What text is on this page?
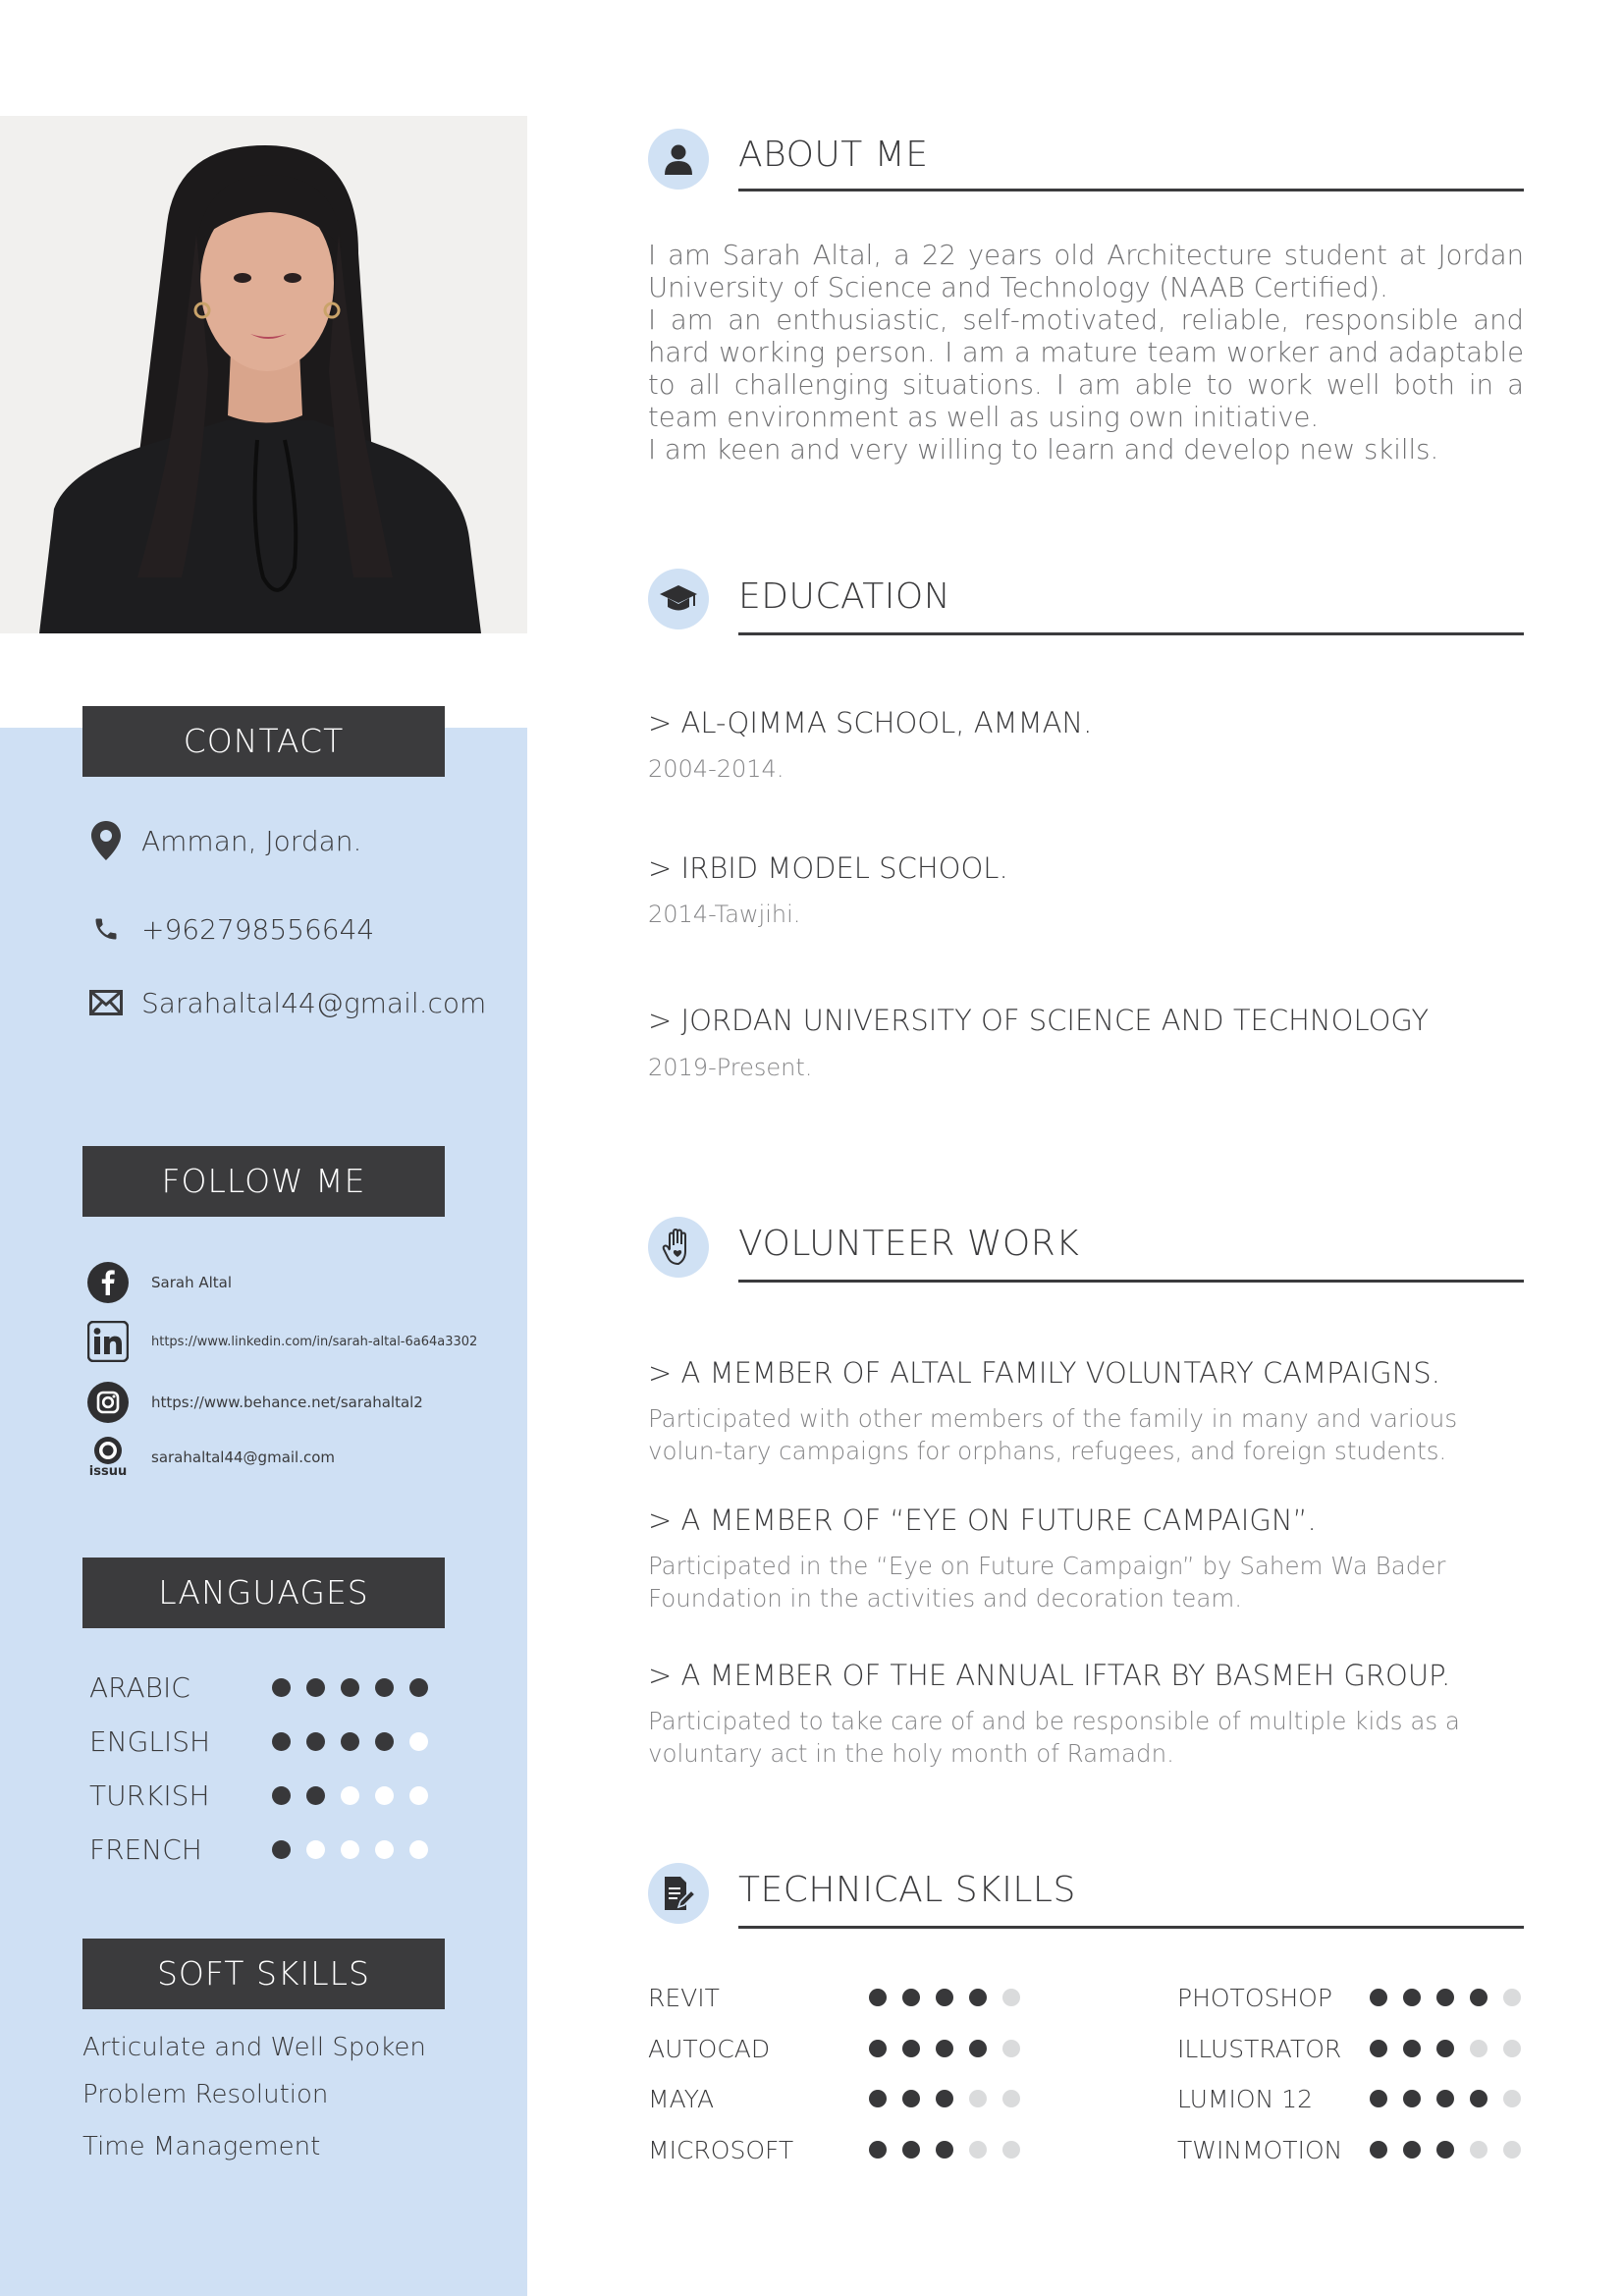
CONTACT
Amman, Jordan.
+962798556644
Sarahaltal44@gmail.com
FOLLOW ME
Sarah Altal
https://www.linkedin.com/in/sarah-altal-6a64a3302
https://www.behance.net/sarahaltal2
issuu
sarahaltal44@gmail.com
LANGUAGES
ARABIC
ENGLISH
TURKISH
FRENCH
SOFT SKILLS
Articulate and Well Spoken
Problem Resolution
Time Management
ABOUT ME
I am Sarah Altal, a 22 years old Architecture student at Jordan University of Science and Technology (NAAB Certified).
I am an enthusiastic, self-motivated, reliable, responsible and hard working person. I am a mature team worker and adaptable to all challenging situations. I am able to work well both in a team environment as well as using own initiative.
I am keen and very willing to learn and develop new skills.
EDUCATION
> AL-QIMMA SCHOOL, AMMAN.
2004-2014.
> IRBID MODEL SCHOOL.
2014-Tawjihi.
> JORDAN UNIVERSITY OF SCIENCE AND TECHNOLOGY
2019-Present.
VOLUNTEER WORK
> A MEMBER OF ALTAL FAMILY VOLUNTARY CAMPAIGNS.
Participated with other members of the family in many and various volun-tary campaigns for orphans, refugees, and foreign students.
> A MEMBER OF “EYE ON FUTURE CAMPAIGN”.
Participated in the “Eye on Future Campaign” by Sahem Wa Bader Foundation in the activities and decoration team.
> A MEMBER OF THE ANNUAL IFTAR BY BASMEH GROUP.
Participated to take care of and be responsible of multiple kids as a voluntary act in the holy month of Ramadn.
TECHNICAL SKILLS
REVIT
AUTOCAD
MAYA
MICROSOFT
PHOTOSHOP
ILLUSTRATOR
LUMION 12
TWINMOTION
